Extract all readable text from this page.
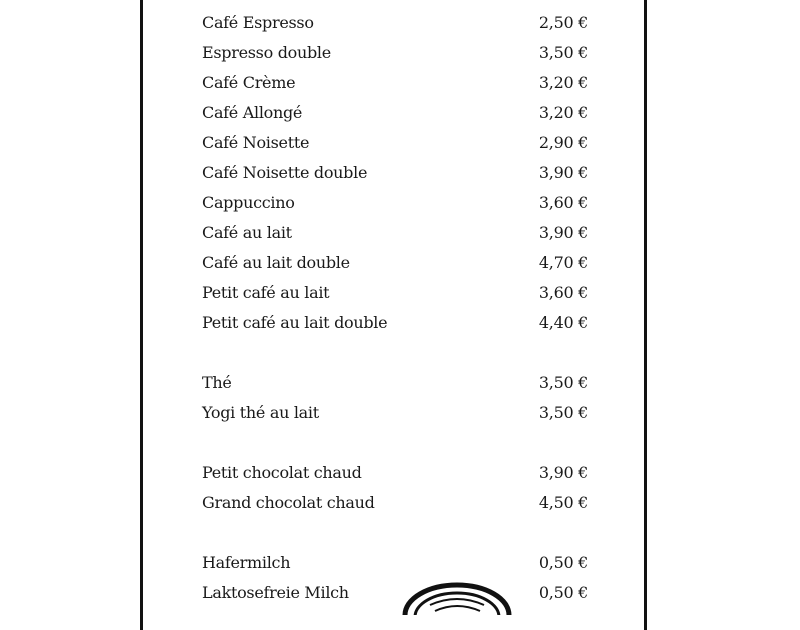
Café Espresso	2,50 €
Espresso double	3,50 €
Café Crème	3,20 €
Café Allongé	3,20 €
Café Noisette	2,90 €
Café Noisette double	3,90 €
Cappuccino	3,60 €
Café au lait	3,90 €
Café au lait double	4,70 €
Petit café au lait	3,60 €
Petit café au lait double	4,40 €
Thé	3,50 €
Yogi thé au lait	3,50 €
Petit chocolat chaud	3,90 €
Grand chocolat chaud	4,50 €
Hafermilch	0,50 €
Laktosefreie Milch	0,50 €
